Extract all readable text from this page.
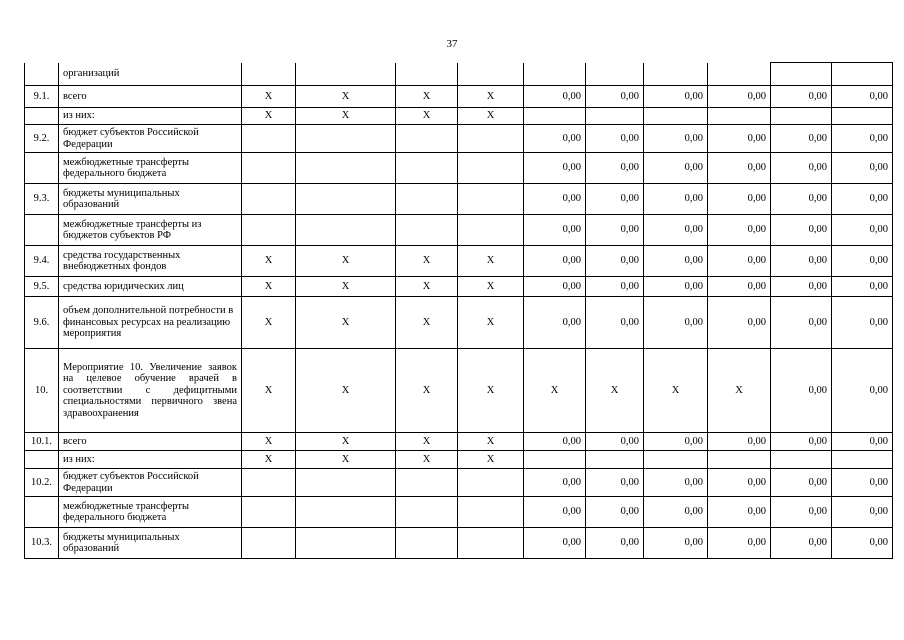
37
	организаций										
9.1.	всего	X	X	X	X	0,00	0,00	0,00	0,00	0,00	0,00
	из них:	X	X	X	X						
9.2.	бюджет субъектов Российской Федерации					0,00	0,00	0,00	0,00	0,00	0,00
	межбюджетные трансферты федерального бюджета					0,00	0,00	0,00	0,00	0,00	0,00
9.3.	бюджеты муниципальных образований					0,00	0,00	0,00	0,00	0,00	0,00
	межбюджетные трансферты из бюджетов субъектов РФ					0,00	0,00	0,00	0,00	0,00	0,00
9.4.	средства государственных внебюджетных фондов	X	X	X	X	0,00	0,00	0,00	0,00	0,00	0,00
9.5.	средства юридических лиц	X	X	X	X	0,00	0,00	0,00	0,00	0,00	0,00
9.6.	объем дополнительной потребности в финансовых ресурсах на реализацию мероприятия	X	X	X	X	0,00	0,00	0,00	0,00	0,00	0,00
10.	Мероприятие 10. Увеличение заявок на целевое обучение врачей в соответствии с дефицитными специальностями первичного звена здравоохранения	X	X	X	X	X	X	X	X	0,00	0,00
10.1.	всего	X	X	X	X	0,00	0,00	0,00	0,00	0,00	0,00
	из них:	X	X	X	X						
10.2.	бюджет субъектов Российской Федерации					0,00	0,00	0,00	0,00	0,00	0,00
	межбюджетные трансферты федерального бюджета					0,00	0,00	0,00	0,00	0,00	0,00
10.3.	бюджеты муниципальных образований					0,00	0,00	0,00	0,00	0,00	0,00
